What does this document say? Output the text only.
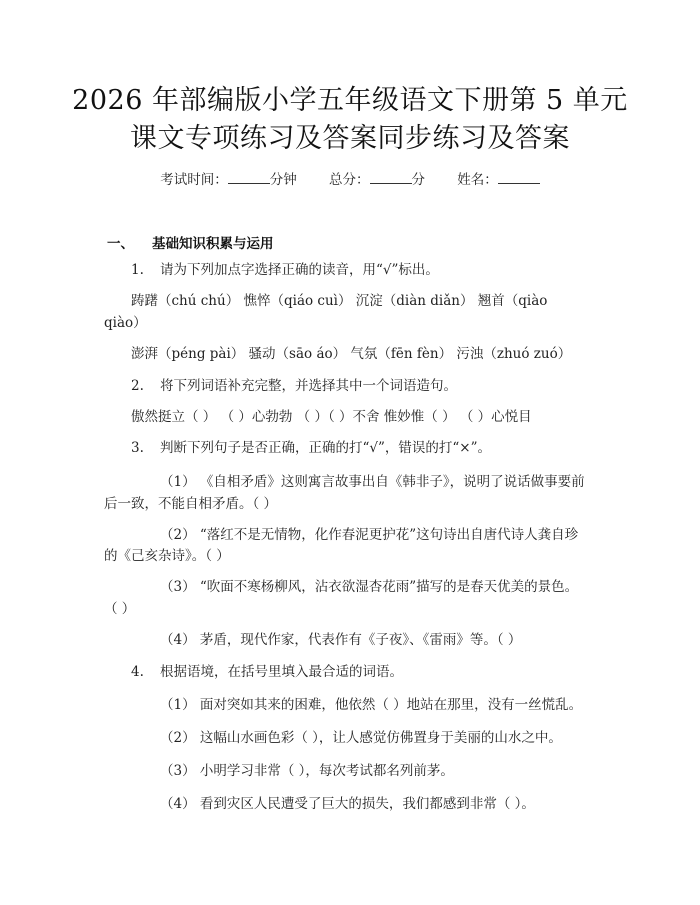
2026 年部编版小学五年级语文下册第 5 单元
课文专项练习及答案同步练习及答案
考试时间：	分钟 总分：	分 姓名：
一、 基础知识积累与运用
1. 请为下列加点字选择正确的读音，用“√”标出。
踌躇（chú chú） 憔悴（qiáo cuì） 沉淀（diàn diǎn） 翘首（qiào
qiào）
澎湃（péng pài） 骚动（sāo áo） 气氛（fēn fèn） 污浊（zhuó zuó）
2. 将下列词语补充完整，并选择其中一个词语造句。
傲然挺立（ ） （ ）心勃勃 （ ）（ ）不舍 惟妙惟（ ） （ ）心悦目
3. 判断下列句子是否正确，正确的打“√”，错误的打“×”。
（1） 《自相矛盾》这则寓言故事出自《韩非子》，说明了说话做事要前
后一致，不能自相矛盾。（ ）
（2） “落红不是无情物，化作春泥更护花”这句诗出自唐代诗人龚自珍
的《己亥杂诗》。（ ）
（3） “吹面不寒杨柳风，沾衣欲湿杏花雨”描写的是春天优美的景色。
（ ）
（4） 茅盾，现代作家，代表作有《子夜》、《雷雨》等。（ ）
4. 根据语境，在括号里填入最合适的词语。
（1） 面对突如其来的困难，他依然（ ）地站在那里，没有一丝慌乱。
（2） 这幅山水画色彩（ ），让人感觉仿佛置身于美丽的山水之中。
（3） 小明学习非常（ ），每次考试都名列前茅。
（4） 看到灾区人民遭受了巨大的损失，我们都感到非常（ ）。
